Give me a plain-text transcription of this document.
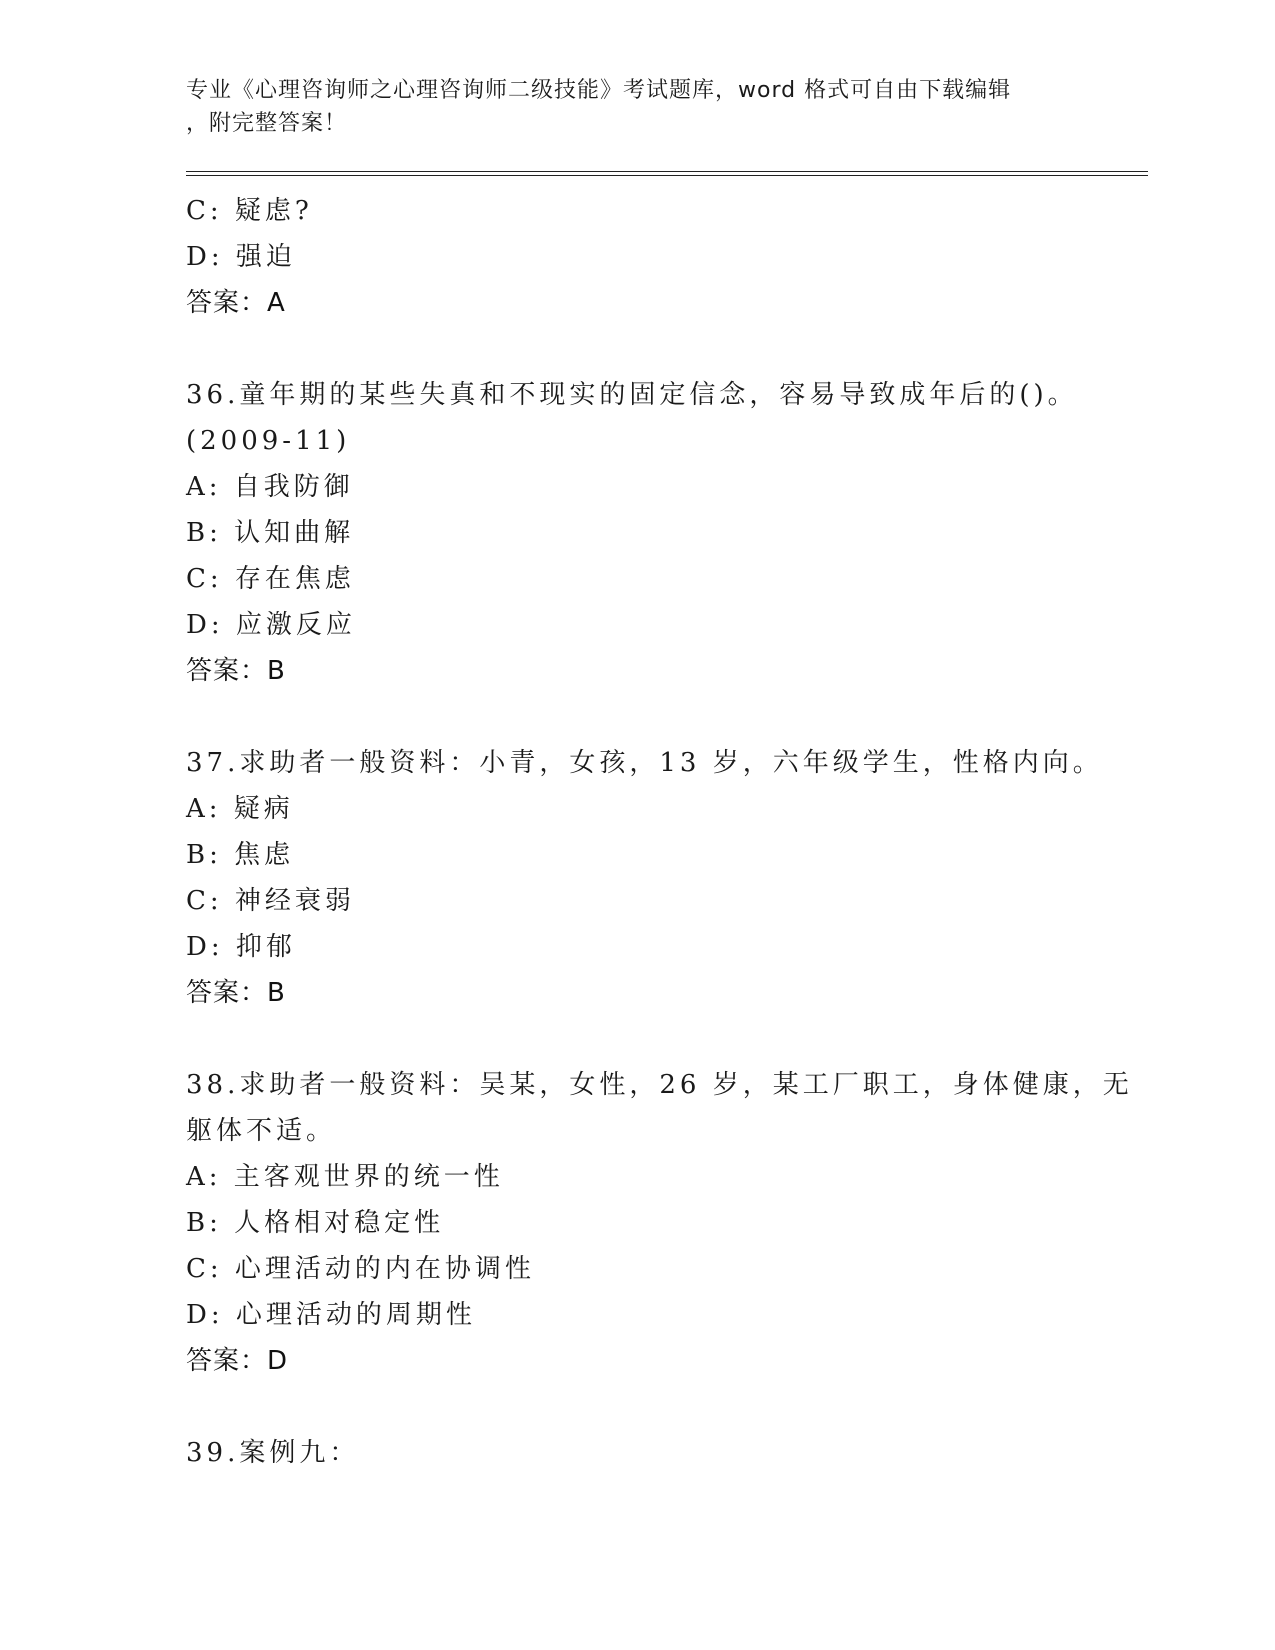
专业《心理咨询师之心理咨询师二级技能》考试题库，word 格式可自由下载编辑
，附完整答案！
C: 疑虑?
D: 强迫
答案：A
36.童年期的某些失真和不现实的固定信念，容易导致成年后的()。
(2009-11)
A: 自我防御
B: 认知曲解
C: 存在焦虑
D: 应激反应
答案：B
37.求助者一般资料：小青，女孩，13 岁，六年级学生，性格内向。
A: 疑病
B: 焦虑
C: 神经衰弱
D: 抑郁
答案：B
38.求助者一般资料：吴某，女性，26 岁，某工厂职工，身体健康，无
躯体不适。
A: 主客观世界的统一性
B: 人格相对稳定性
C: 心理活动的内在协调性
D: 心理活动的周期性
答案：D
39.案例九：
